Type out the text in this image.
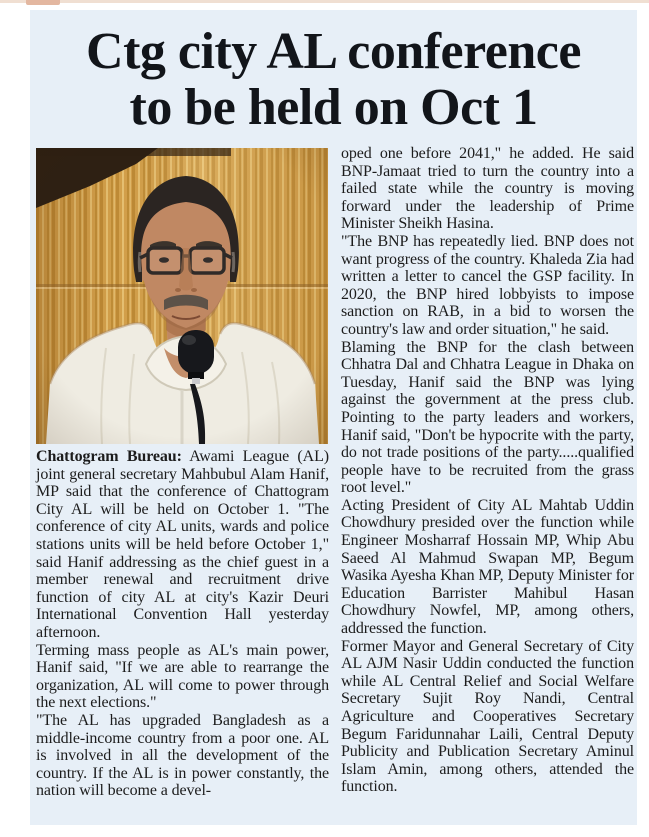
Ctg city AL conference
to be held on Oct 1

Chattogram Bureau: Awami League (AL) joint general secretary Mahbubul Alam Hanif, MP said that the conference of Chattogram City AL will be held on October 1. "The conference of city AL units, wards and police stations units will be held before October 1," said Hanif addressing as the chief guest in a member renewal and recruitment drive function of city AL at city's Kazir Deuri International Convention Hall yesterday afternoon.

Terming mass people as AL's main power, Hanif said, "If we are able to rearrange the organization, AL will come to power through the next elections."

"The AL has upgraded Bangladesh as a middle-income country from a poor one. AL is involved in all the development of the country. If the AL is in power constantly, the nation will become a devel-

oped one before 2041," he added. He said BNP-Jamaat tried to turn the country into a failed state while the country is moving forward under the leadership of Prime Minister Sheikh Hasina.

"The BNP has repeatedly lied. BNP does not want progress of the country. Khaleda Zia had written a letter to cancel the GSP facility. In 2020, the BNP hired lobbyists to impose sanction on RAB, in a bid to worsen the country's law and order situation," he said.

Blaming the BNP for the clash between Chhatra Dal and Chhatra League in Dhaka on Tuesday, Hanif said the BNP was lying against the government at the press club. Pointing to the party leaders and workers, Hanif said, "Don't be hypocrite with the party, do not trade positions of the party.....qualified people have to be recruited from the grass root level."

Acting President of City AL Mahtab Uddin Chowdhury presided over the function while Engineer Mosharraf Hossain MP, Whip Abu Saeed Al Mahmud Swapan MP, Begum Wasika Ayesha Khan MP, Deputy Minister for Education Barrister Mahibul Hasan Chowdhury Nowfel, MP, among others, addressed the function.

Former Mayor and General Secretary of City AL AJM Nasir Uddin conducted the function while AL Central Relief and Social Welfare Secretary Sujit Roy Nandi, Central Agriculture and Cooperatives Secretary Begum Faridunnahar Laili, Central Deputy Publicity and Publication Secretary Aminul Islam Amin, among others, attended the function.
